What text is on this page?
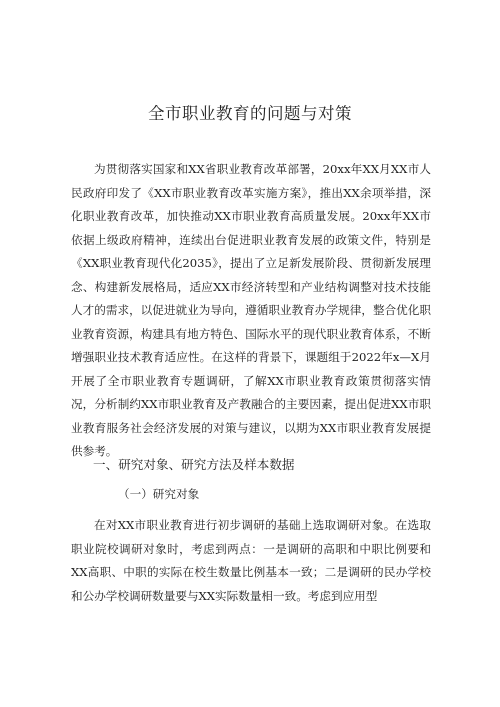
全市职业教育的问题与对策

为贯彻落实国家和XX省职业教育改革部署，20xx年XX月XX市人民政府印发了《XX市职业教育改革实施方案》，推出XX余项举措，深化职业教育改革，加快推动XX市职业教育高质量发展。20xx年XX市依据上级政府精神，连续出台促进职业教育发展的政策文件，特别是《XX职业教育现代化2035》，提出了立足新发展阶段、贯彻新发展理念、构建新发展格局，适应XX市经济转型和产业结构调整对技术技能人才的需求，以促进就业为导向，遵循职业教育办学规律，整合优化职业教育资源，构建具有地方特色、国际水平的现代职业教育体系，不断增强职业技术教育适应性。在这样的背景下，课题组于2022年x—X月开展了全市职业教育专题调研，了解XX市职业教育政策贯彻落实情况，分析制约XX市职业教育及产教融合的主要因素，提出促进XX市职业教育服务社会经济发展的对策与建议，以期为XX市职业教育发展提供参考。

一、研究对象、研究方法及样本数据
（一）研究对象

在对XX市职业教育进行初步调研的基础上选取调研对象。在选取职业院校调研对象时，考虑到两点：一是调研的高职和中职比例要和XX高职、中职的实际在校生数量比例基本一致；二是调研的民办学校和公办学校调研数量要与XX实际数量相一致。考虑到应用型
